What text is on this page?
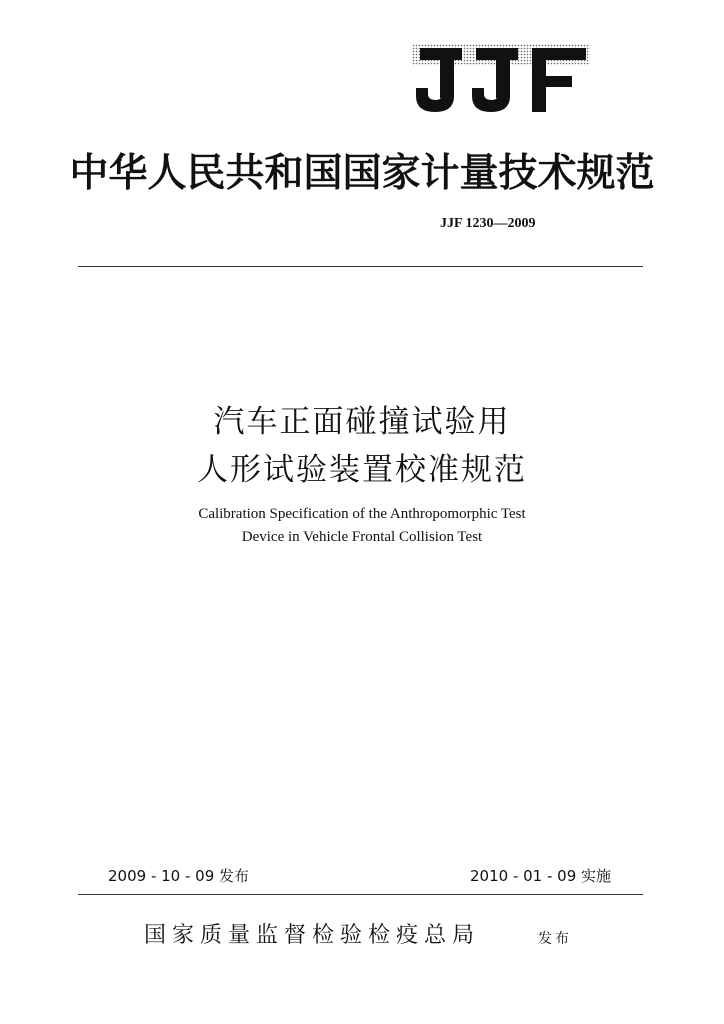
中华人民共和国国家计量技术规范
JJF 1230—2009
汽车正面碰撞试验用
人形试验装置校准规范
Calibration Specification of the Anthropomorphic Test
Device in Vehicle Frontal Collision Test
2009 - 10 - 09 发布	2010 - 01 - 09 实施
国家质量监督检验检疫总局	发布
